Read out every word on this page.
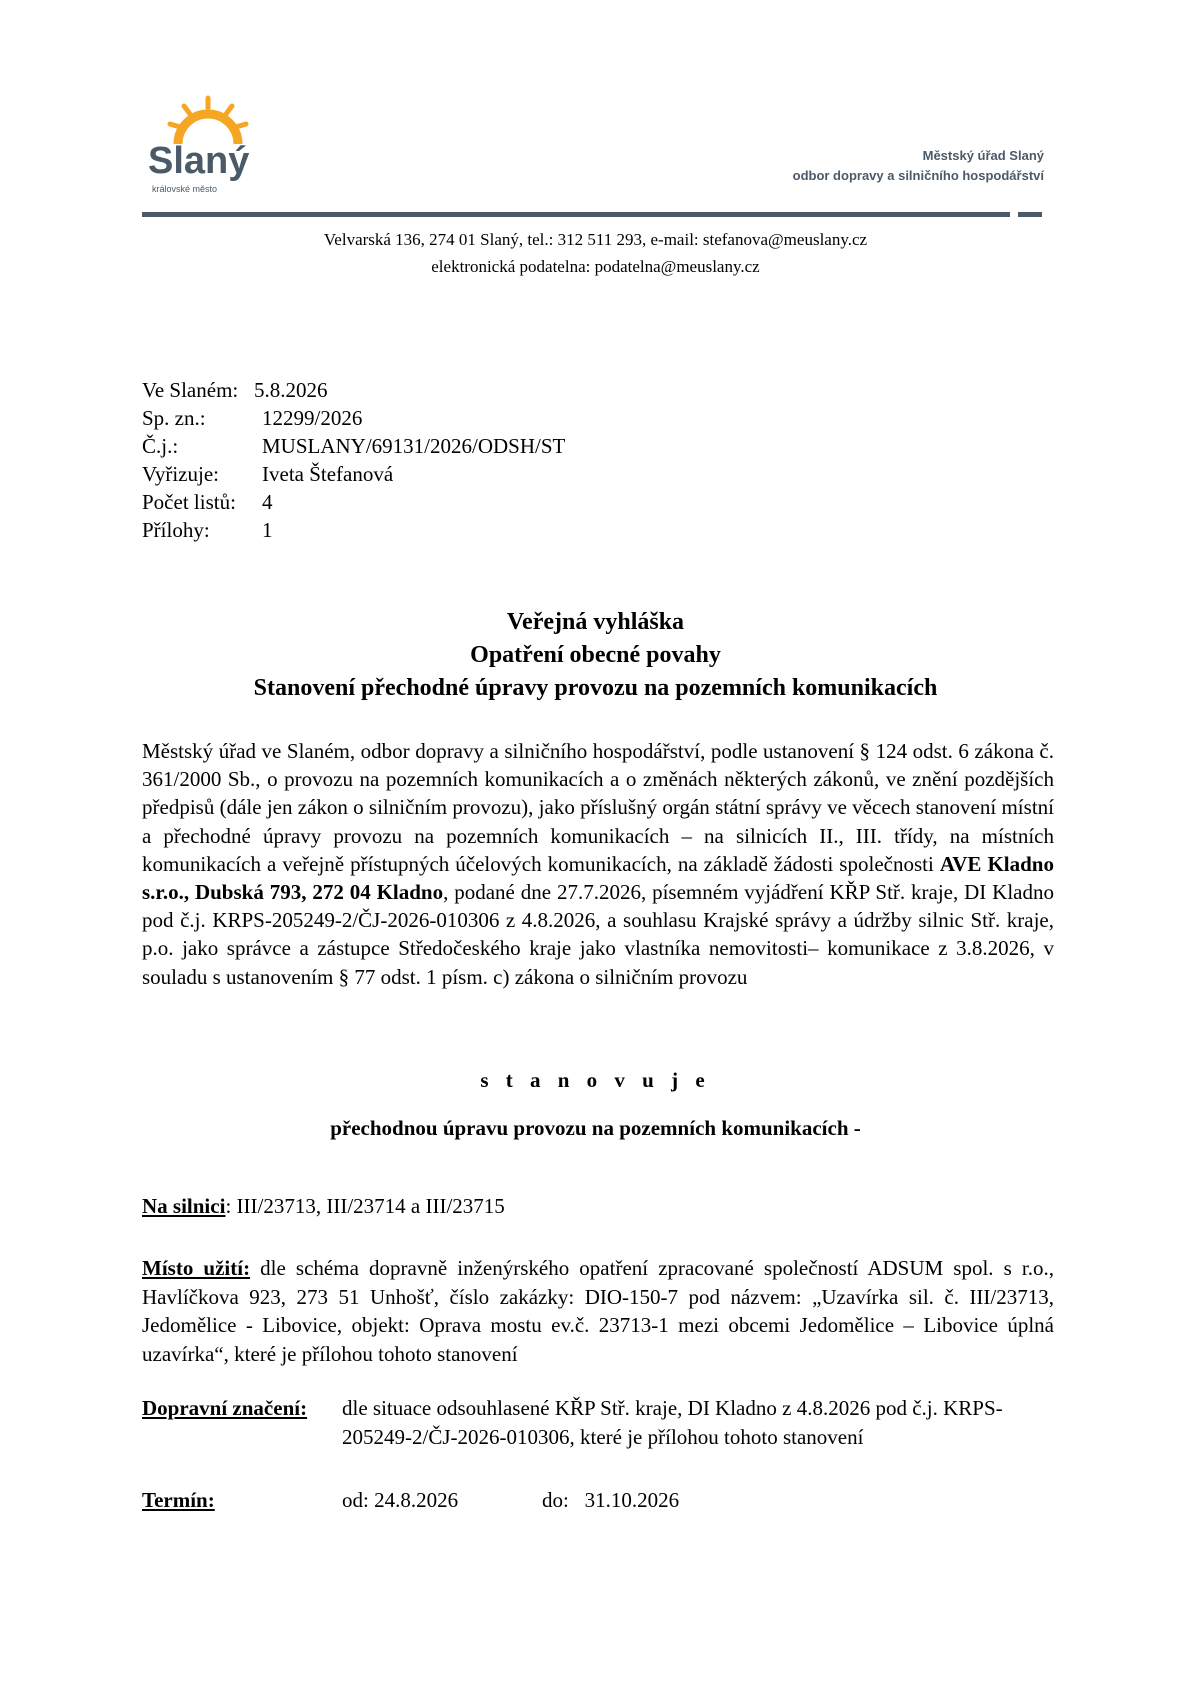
Slaný
královské město
Městský úřad Slaný
odbor dopravy a silničního hospodářství
Velvarská 136, 274 01 Slaný, tel.: 312 511 293, e-mail: stefanova@meuslany.cz
elektronická podatelna: podatelna@meuslany.cz
Ve Slaném: 5.8.2026
Sp. zn.:	12299/2026
Č.j.:	MUSLANY/69131/2026/ODSH/ST
Vyřizuje:	Iveta Štefanová
Počet listů:	4
Přílohy:	1
Veřejná vyhláška
Opatření obecné povahy
Stanovení přechodné úpravy provozu na pozemních komunikacích
Městský úřad ve Slaném, odbor dopravy a silničního hospodářství, podle ustanovení § 124 odst. 6 zákona č. 361/2000 Sb., o provozu na pozemních komunikacích a o změnách některých zákonů, ve znění pozdějších předpisů (dále jen zákon o silničním provozu), jako příslušný orgán státní správy ve věcech stanovení místní a přechodné úpravy provozu na pozemních komunikacích – na silnicích II., III. třídy, na místních komunikacích a veřejně přístupných účelových komunikacích, na základě žádosti společnosti AVE Kladno s.r.o., Dubská 793, 272 04 Kladno, podané dne 27.7.2026, písemném vyjádření KŘP Stř. kraje, DI Kladno pod č.j. KRPS-205249-2/ČJ-2026-010306 z 4.8.2026, a souhlasu Krajské správy a údržby silnic Stř. kraje, p.o. jako správce a zástupce Středočeského kraje jako vlastníka nemovitosti– komunikace z 3.8.2026, v souladu s ustanovením § 77 odst. 1 písm. c) zákona o silničním provozu
s t a n o v u j e
přechodnou úpravu provozu na pozemních komunikacích -
Na silnici: III/23713, III/23714 a III/23715
Místo užití: dle schéma dopravně inženýrského opatření zpracované společností ADSUM spol. s r.o., Havlíčkova 923, 273 51 Unhošť, číslo zakázky: DIO-150-7 pod názvem: „Uzavírka sil. č. III/23713, Jedomělice - Libovice, objekt: Oprava mostu ev.č. 23713-1 mezi obcemi Jedomělice – Libovice úplná uzavírka“, které je přílohou tohoto stanovení
Dopravní značení:	dle situace odsouhlasené KŘP Stř. kraje, DI Kladno z 4.8.2026 pod č.j. KRPS-205249-2/ČJ-2026-010306, které je přílohou tohoto stanovení
Termín:	od: 24.8.2026	do:   31.10.2026
